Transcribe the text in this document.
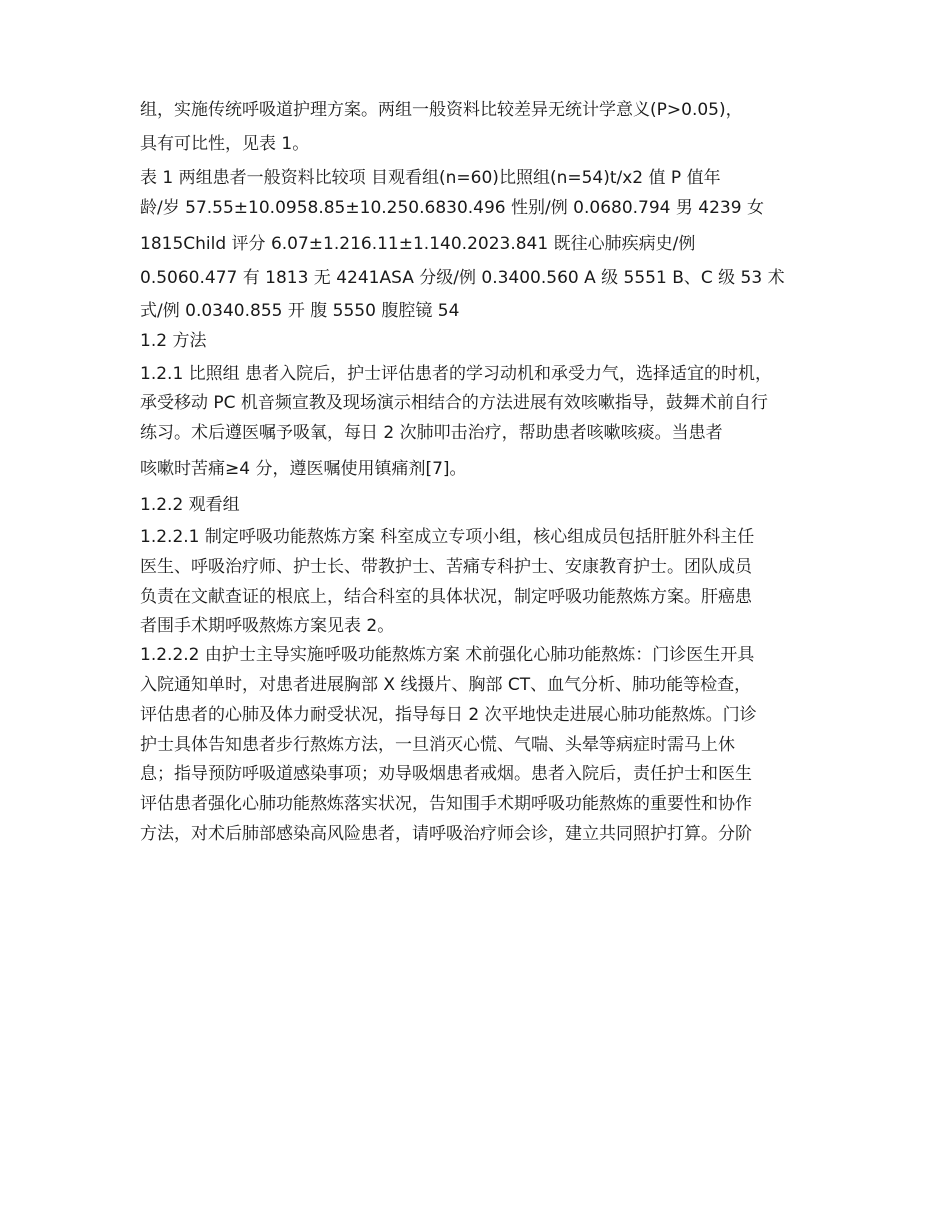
组，实施传统呼吸道护理方案。两组一般资料比较差异无统计学意义(P>0.05)，

具有可比性，见表 1。

表 1 两组患者一般资料比较项 目观看组(n=60)比照组(n=54)t/x2 值 P 值年

龄/岁 57.55±10.0958.85±10.250.6830.496 性别/例 0.0680.794 男 4239 女

1815Child 评分 6.07±1.216.11±1.140.2023.841 既往心肺疾病史/例

0.5060.477 有 1813 无 4241ASA 分级/例 0.3400.560 A 级 5551 B、C 级 53 术

式/例 0.0340.855 开 腹 5550 腹腔镜 54

1.2 方法

1.2.1 比照组 患者入院后，护士评估患者的学习动机和承受力气，选择适宜的时机，

承受移动 PC 机音频宣教及现场演示相结合的方法进展有效咳嗽指导，鼓舞术前自行

练习。术后遵医嘱予吸氧，每日 2 次肺叩击治疗，帮助患者咳嗽咳痰。当患者

咳嗽时苦痛≥4 分，遵医嘱使用镇痛剂[7]。

1.2.2 观看组

1.2.2.1 制定呼吸功能熬炼方案 科室成立专项小组，核心组成员包括肝脏外科主任

医生、呼吸治疗师、护士长、带教护士、苦痛专科护士、安康教育护士。团队成员

负责在文献查证的根底上，结合科室的具体状况，制定呼吸功能熬炼方案。肝癌患

者围手术期呼吸熬炼方案见表 2。

1.2.2.2 由护士主导实施呼吸功能熬炼方案 术前强化心肺功能熬炼：门诊医生开具

入院通知单时，对患者进展胸部 X 线摄片、胸部 CT、血气分析、肺功能等检查，

评估患者的心肺及体力耐受状况，指导每日 2 次平地快走进展心肺功能熬炼。门诊

护士具体告知患者步行熬炼方法，一旦消灭心慌、气喘、头晕等病症时需马上休

息；指导预防呼吸道感染事项；劝导吸烟患者戒烟。患者入院后，责任护士和医生

评估患者强化心肺功能熬炼落实状况，告知围手术期呼吸功能熬炼的重要性和协作

方法，对术后肺部感染高风险患者，请呼吸治疗师会诊，建立共同照护打算。分阶
